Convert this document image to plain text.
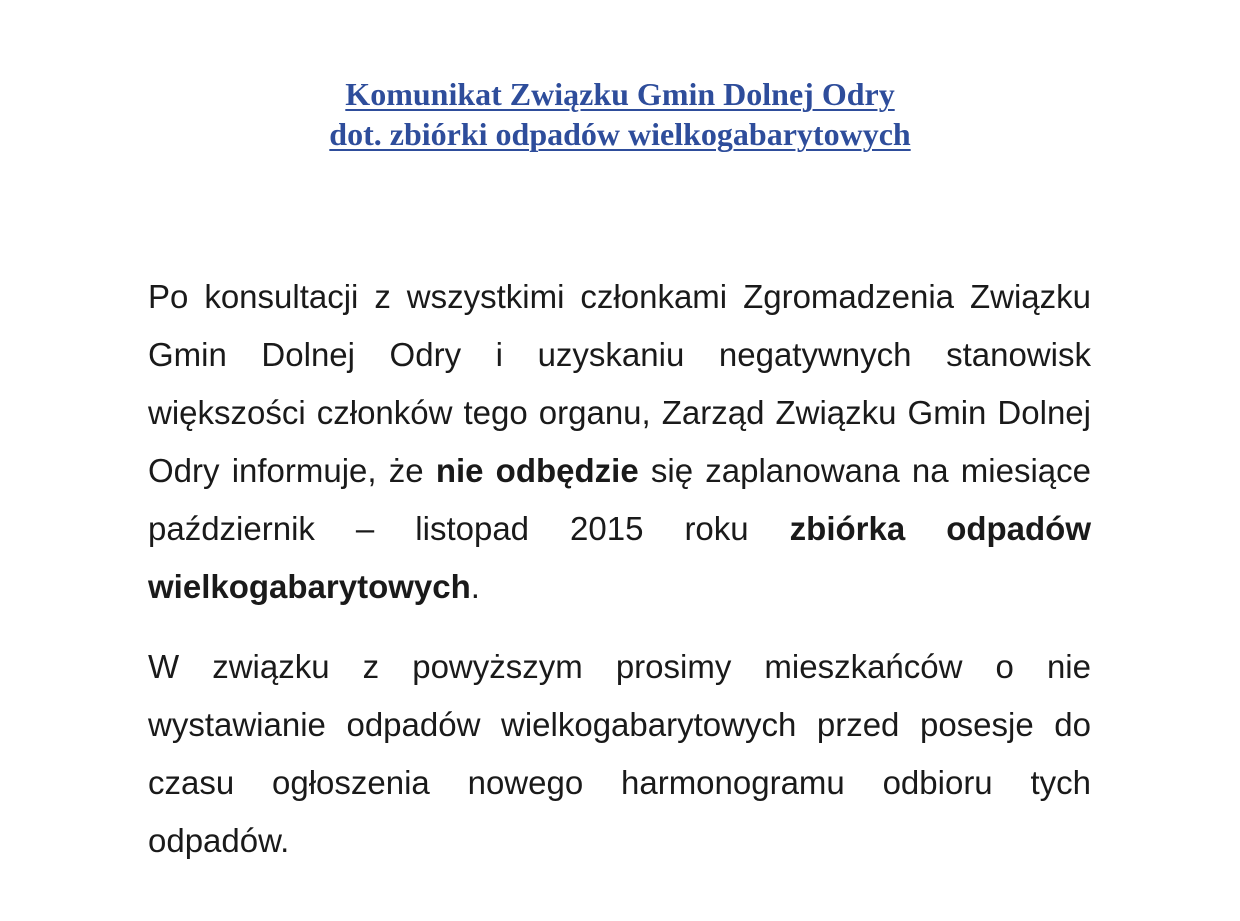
Komunikat Związku Gmin Dolnej Odry
dot. zbiórki odpadów wielkogabarytowych

Po konsultacji z wszystkimi członkami Zgromadzenia Związku Gmin Dolnej Odry i uzyskaniu negatywnych stanowisk większości członków tego organu, Zarząd Związku Gmin Dolnej Odry informuje, że nie odbędzie się zaplanowana na miesiące październik – listopad 2015 roku zbiórka odpadów wielkogabarytowych.

W związku z powyższym prosimy mieszkańców o nie wystawianie odpadów wielkogabarytowych przed posesje do czasu ogłoszenia nowego harmonogramu odbioru tych odpadów.
